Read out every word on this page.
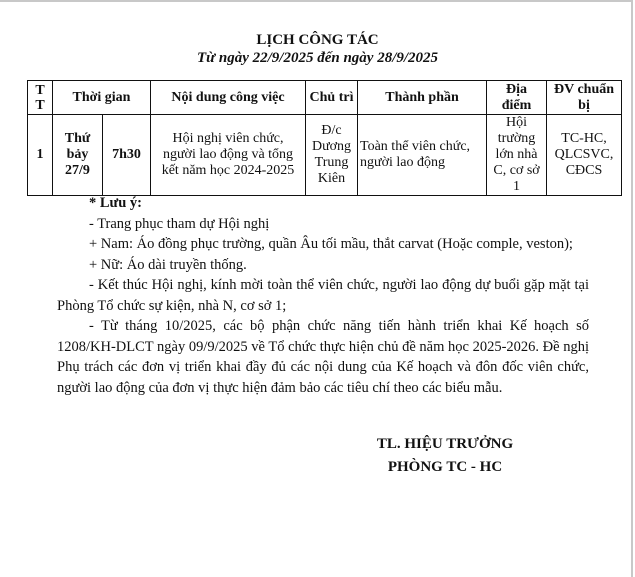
LỊCH CÔNG TÁC
Từ ngày 22/9/2025 đến ngày 28/9/2025
T T	Thời gian		Nội dung công việc	Chủ trì	Thành phần	Địa điểm	ĐV chuẩn bị
1	Thứ bảy 27/9	7h30	Hội nghị viên chức, người lao động và tổng kết năm học 2024-2025	Đ/c Dương Trung Kiên	Toàn thể viên chức, người lao động	Hội trường lớn nhà C, cơ sở 1	TC-HC, QLCSVC, CĐCS

* Lưu ý:

- Trang phục tham dự Hội nghị

+ Nam: Áo đồng phục trường, quần Âu tối mầu, thắt carvat (Hoặc comple, veston);

+ Nữ: Áo dài truyền thống.

- Kết thúc Hội nghị, kính mời toàn thể viên chức, người lao động dự buổi gặp mặt tại Phòng Tổ chức sự kiện, nhà N, cơ sở 1;

- Từ tháng 10/2025, các bộ phận chức năng tiến hành triển khai Kế hoạch số 1208/KH-DLCT ngày 09/9/2025 về Tổ chức thực hiện chủ đề năm học 2025-2026. Đề nghị Phụ trách các đơn vị triển khai đầy đủ các nội dung của Kế hoạch và đôn đốc viên chức, người lao động của đơn vị thực hiện đảm bảo các tiêu chí theo các biểu mẫu.

TL. HIỆU TRƯỞNG
PHÒNG TC - HC
